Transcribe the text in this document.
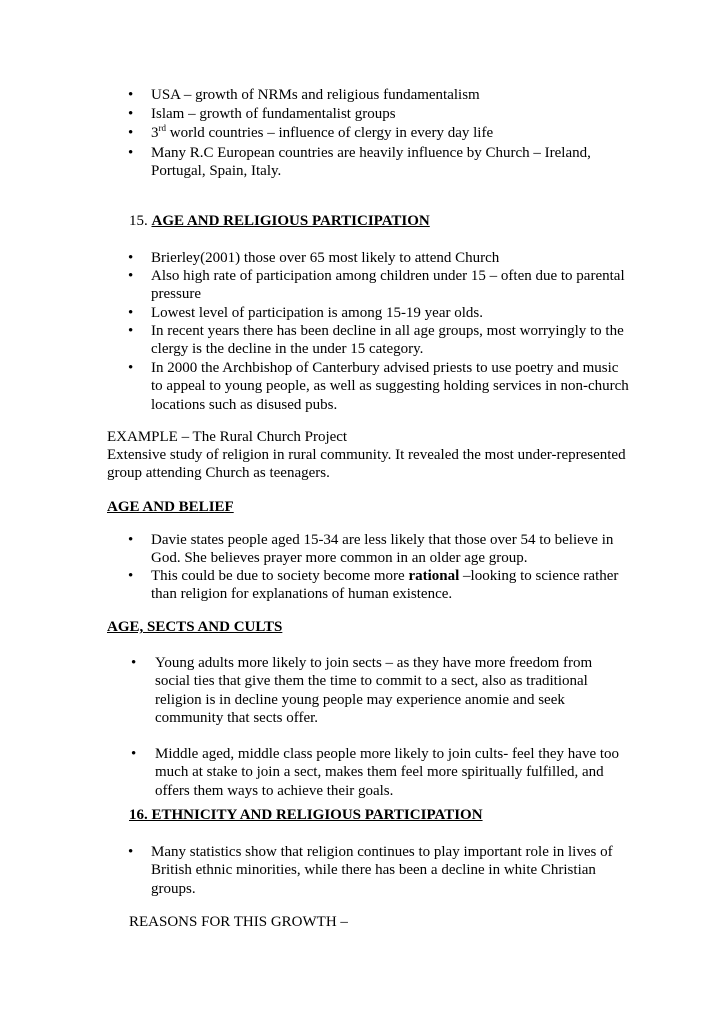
• USA – growth of NRMs and religious fundamentalism
• Islam – growth of fundamentalist groups
• 3rd world countries – influence of clergy in every day life
• Many R.C European countries are heavily influence by Church – Ireland,
Portugal, Spain, Italy.
15. AGE AND RELIGIOUS PARTICIPATION
• Brierley(2001) those over 65 most likely to attend Church
• Also high rate of participation among children under 15 – often due to parental
pressure
• Lowest level of participation is among 15-19 year olds.
• In recent years there has been decline in all age groups, most worryingly to the
clergy is the decline in the under 15 category.
• In 2000 the Archbishop of Canterbury advised priests to use poetry and music
to appeal to young people, as well as suggesting holding services in non-church
locations such as disused pubs.
EXAMPLE – The Rural Church Project
Extensive study of religion in rural community. It revealed the most under-represented
group attending Church as teenagers.
AGE AND BELIEF
• Davie states people aged 15-34 are less likely that those over 54 to believe in
God. She believes prayer more common in an older age group.
• This could be due to society become more rational –looking to science rather
than religion for explanations of human existence.
AGE, SECTS AND CULTS
• Young adults more likely to join sects – as they have more freedom from
social ties that give them the time to commit to a sect, also as traditional
religion is in decline young people may experience anomie and seek
community that sects offer.
• Middle aged, middle class people more likely to join cults- feel they have too
much at stake to join a sect, makes them feel more spiritually fulfilled, and
offers them ways to achieve their goals.
16. ETHNICITY AND RELIGIOUS PARTICIPATION
• Many statistics show that religion continues to play important role in lives of
British ethnic minorities, while there has been a decline in white Christian
groups.
REASONS FOR THIS GROWTH –
